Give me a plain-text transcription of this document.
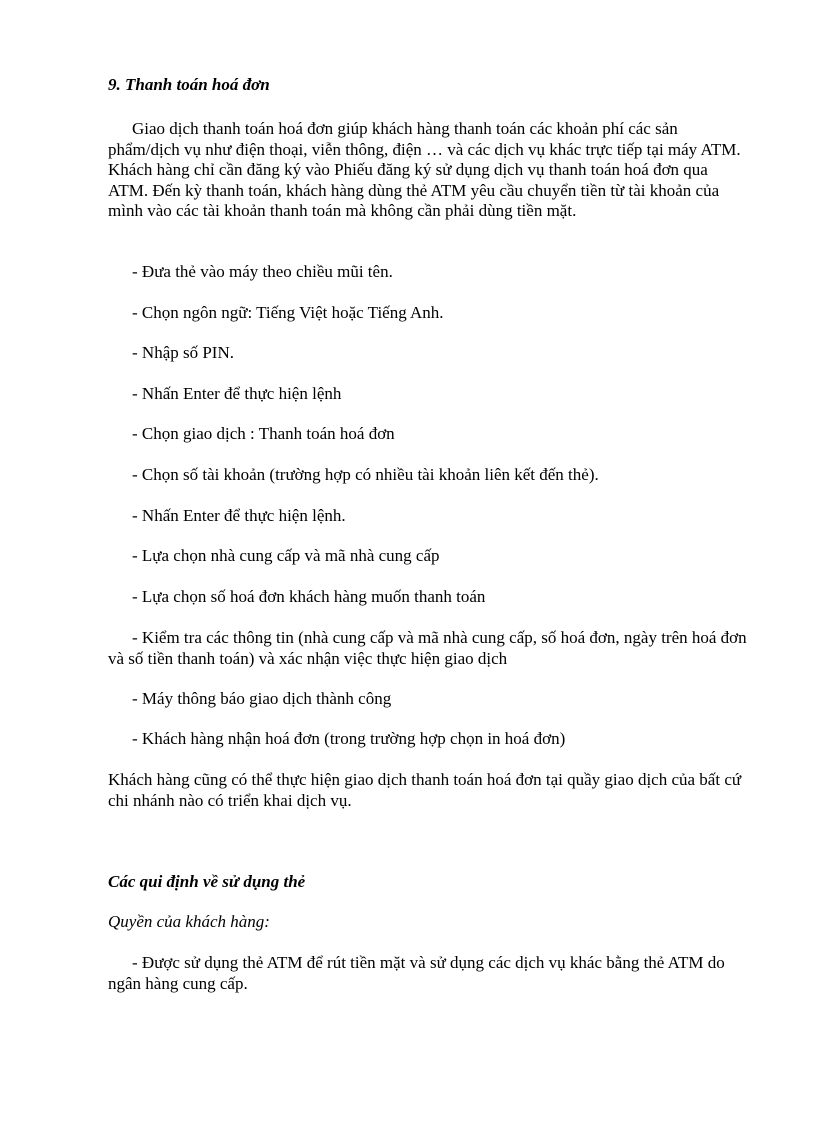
9. Thanh toán hoá đơn

Giao dịch thanh toán hoá đơn giúp khách hàng thanh toán các khoản phí các sản phẩm/dịch vụ như điện thoại, viễn thông, điện … và các dịch vụ khác trực tiếp tại máy ATM. Khách hàng chỉ cần đăng ký vào Phiếu đăng ký sử dụng dịch vụ thanh toán hoá đơn qua ATM. Đến kỳ thanh toán, khách hàng dùng thẻ ATM yêu cầu chuyển tiền từ tài khoản của mình vào các tài khoản thanh toán mà không cần phải dùng tiền mặt.

- Đưa thẻ vào máy theo chiều mũi tên.

- Chọn ngôn ngữ: Tiếng Việt hoặc Tiếng Anh.

- Nhập số PIN.

- Nhấn Enter để thực hiện lệnh

- Chọn giao dịch : Thanh toán hoá đơn

- Chọn số tài khoản (trường hợp có nhiều tài khoản liên kết đến thẻ).

- Nhấn Enter để thực hiện lệnh.

- Lựa chọn nhà cung cấp và mã nhà cung cấp

- Lựa chọn số hoá đơn khách hàng muốn thanh toán

- Kiểm tra các thông tin (nhà cung cấp và mã nhà cung cấp, số hoá đơn, ngày trên hoá đơn và số tiền thanh toán) và xác nhận việc thực hiện giao dịch

- Máy thông báo giao dịch thành công

- Khách hàng nhận hoá đơn (trong trường hợp chọn in hoá đơn)

Khách hàng cũng có thể thực hiện giao dịch thanh toán hoá đơn tại quầy giao dịch của bất cứ chi nhánh nào có triển khai dịch vụ.

Các qui định về sử dụng thẻ

Quyền của khách hàng:

- Được sử dụng thẻ ATM để rút tiền mặt và sử dụng các dịch vụ khác bằng thẻ ATM do ngân hàng cung cấp.
